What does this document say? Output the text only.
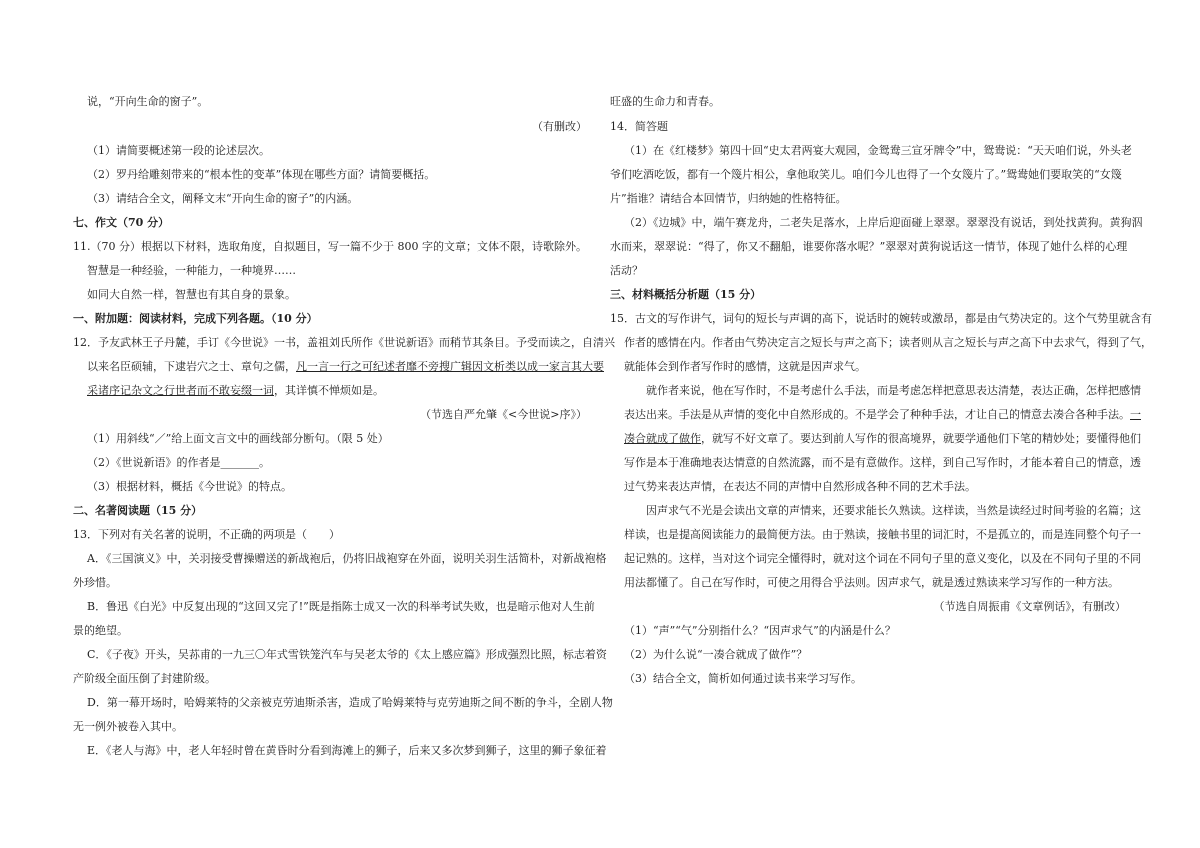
说，“开向生命的窗子”。
（有删改）
（1）请简要概述第一段的论述层次。
（2）罗丹给雕刻带来的“根本性的变革”体现在哪些方面？请简要概括。
（3）请结合全文，阐释文末“开向生命的窗子”的内涵。
七、作文（70 分）
11.（70 分）根据以下材料，选取角度，自拟题目，写一篇不少于 800 字的文章；文体不限，诗歌除外。
智慧是一种经验，一种能力，一种境界……
如同大自然一样，智慧也有其自身的景象。
一、附加题：阅读材料，完成下列各题。（10 分）
12．予友武林王子丹麓，手订《今世说》一书，盖祖刘氏所作《世说新语》而稍节其条目。予受而读之，自清兴
以来名臣硕辅，下逮岩穴之士、章句之儒，凡一言一行之可纪述者靡不旁搜广辑因文析类以成一家言其大要
采诸序记杂文之行世者而不敢妄缀一词，其详慎不惮烦如是。
（节选自严允肇《<今世说>序》）
（1）用斜线“／”给上面文言文中的画线部分断句。（限 5 处）
（2）《世说新语》的作者是_______。
（3）根据材料，概括《今世说》的特点。
二、名著阅读题（15 分）
13．下列对有关名著的说明，不正确的两项是（　　）
A．《三国演义》中，关羽接受曹操赠送的新战袍后，仍将旧战袍穿在外面，说明关羽生活简朴，对新战袍格
外珍惜。
B．鲁迅《白光》中反复出现的“这回又完了!”既是指陈士成又一次的科举考试失败，也是暗示他对人生前
景的绝望。
C．《子夜》开头，吴荪甫的一九三〇年式雪铁笼汽车与吴老太爷的《太上感应篇》形成强烈比照，标志着资
产阶级全面压倒了封建阶级。
D．第一幕开场时，哈姆莱特的父亲被克劳迪斯杀害，造成了哈姆莱特与克劳迪斯之间不断的争斗，全剧人物
无一例外被卷入其中。
E．《老人与海》中，老人年轻时曾在黄昏时分看到海滩上的狮子，后来又多次梦到狮子，这里的狮子象征着
旺盛的生命力和青春。
14．简答题
（1）在《红楼梦》第四十回“史太君两宴大观园，金鸳鸯三宣牙牌令”中，鸳鸯说：“天天咱们说，外头老
爷们吃酒吃饭，都有一个篾片相公，拿他取笑儿。咱们今儿也得了一个女篾片了。”鸳鸯她们要取笑的“女篾
片”指谁？请结合本回情节，归纳她的性格特征。
（2）《边城》中，端午赛龙舟，二老失足落水，上岸后迎面碰上翠翠。翠翠没有说话，到处找黄狗。黄狗泅
水而来，翠翠说：“得了，你又不翻船，谁要你落水呢？”翠翠对黄狗说话这一情节，体现了她什么样的心理
活动？
三、材料概括分析题（15 分）
15．古文的写作讲气，词句的短长与声调的高下，说话时的婉转或激昂，都是由气势决定的。这个气势里就含有
作者的感情在内。作者由气势决定言之短长与声之高下；读者则从言之短长与声之高下中去求气，得到了气，
就能体会到作者写作时的感情，这就是因声求气。
就作者来说，他在写作时，不是考虑什么手法，而是考虑怎样把意思表达清楚，表达正确，怎样把感情
表达出来。手法是从声情的变化中自然形成的。不是学会了种种手法，才让自己的情意去凑合各种手法。一
凑合就成了做作，就写不好文章了。要达到前人写作的很高境界，就要学通他们下笔的精妙处；要懂得他们
写作是本于准确地表达情意的自然流露，而不是有意做作。这样，到自己写作时，才能本着自己的情意，透
过气势来表达声情，在表达不同的声情中自然形成各种不同的艺术手法。
因声求气不光是会读出文章的声情来，还要求能长久熟读。这样读，当然是读经过时间考验的名篇；这
样读，也是提高阅读能力的最简便方法。由于熟读，接触书里的词汇时，不是孤立的，而是连同整个句子一
起记熟的。这样，当对这个词完全懂得时，就对这个词在不同句子里的意义变化，以及在不同句子里的不同
用法都懂了。自己在写作时，可使之用得合乎法则。因声求气，就是透过熟读来学习写作的一种方法。
（节选自周振甫《文章例话》，有删改）
（1）“声”“气”分别指什么？“因声求气”的内涵是什么？
（2）为什么说“一凑合就成了做作”？
（3）结合全文，简析如何通过读书来学习写作。
